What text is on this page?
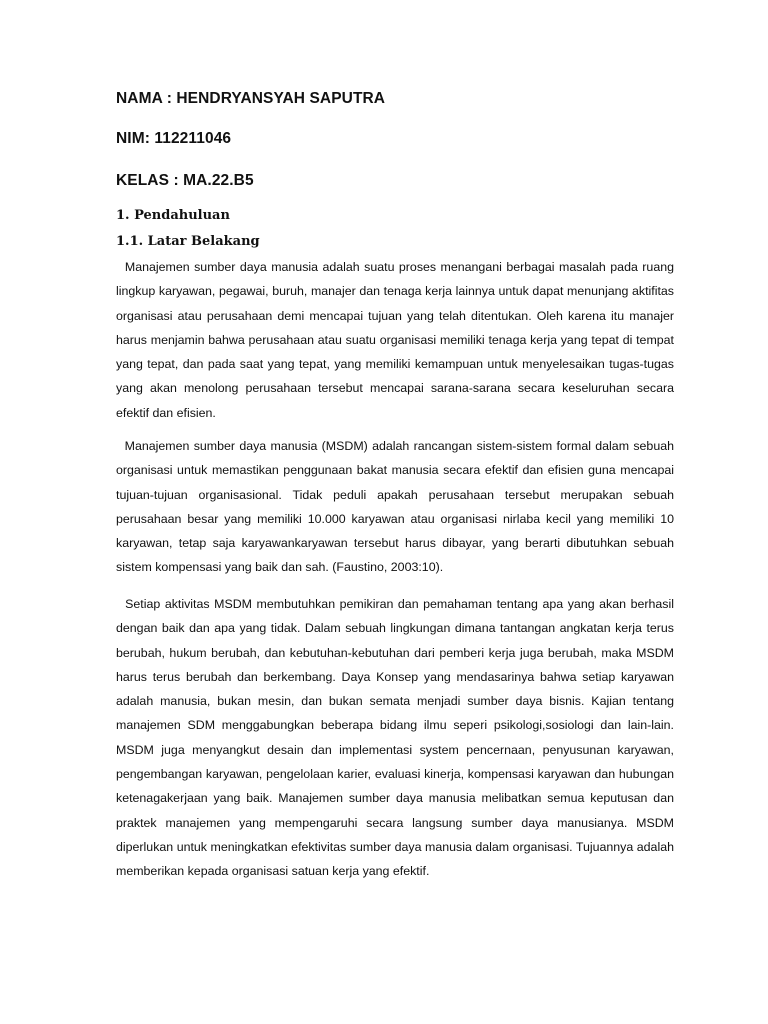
NAMA : HENDRYANSYAH SAPUTRA

NIM: 112211046

KELAS : MA.22.B5

1. Pendahuluan

1.1. Latar Belakang

Manajemen sumber daya manusia adalah suatu proses menangani berbagai masalah pada ruang lingkup karyawan, pegawai, buruh, manajer dan tenaga kerja lainnya untuk dapat menunjang aktifitas organisasi atau perusahaan demi mencapai tujuan yang telah ditentukan. Oleh karena itu manajer harus menjamin bahwa perusahaan atau suatu organisasi memiliki tenaga kerja yang tepat di tempat yang tepat, dan pada saat yang tepat, yang memiliki kemampuan untuk menyelesaikan tugas-tugas yang akan menolong perusahaan tersebut mencapai sarana-sarana secara keseluruhan secara efektif dan efisien.

Manajemen sumber daya manusia (MSDM) adalah rancangan sistem-sistem formal dalam sebuah organisasi untuk memastikan penggunaan bakat manusia secara efektif dan efisien guna mencapai tujuan-tujuan organisasional. Tidak peduli apakah perusahaan tersebut merupakan sebuah perusahaan besar yang memiliki 10.000 karyawan atau organisasi nirlaba kecil yang memiliki 10 karyawan, tetap saja karyawankaryawan tersebut harus dibayar, yang berarti dibutuhkan sebuah sistem kompensasi yang baik dan sah. (Faustino, 2003:10).

Setiap aktivitas MSDM membutuhkan pemikiran dan pemahaman tentang apa yang akan berhasil dengan baik dan apa yang tidak. Dalam sebuah lingkungan dimana tantangan angkatan kerja terus berubah, hukum berubah, dan kebutuhan-kebutuhan dari pemberi kerja juga berubah, maka MSDM harus terus berubah dan berkembang. Daya Konsep yang mendasarinya bahwa setiap karyawan adalah manusia, bukan mesin, dan bukan semata menjadi sumber daya bisnis. Kajian tentang manajemen SDM menggabungkan beberapa bidang ilmu seperi psikologi,sosiologi dan lain-lain. MSDM juga menyangkut desain dan implementasi system pencernaan, penyusunan karyawan, pengembangan karyawan, pengelolaan karier, evaluasi kinerja, kompensasi karyawan dan hubungan ketenagakerjaan yang baik. Manajemen sumber daya manusia melibatkan semua keputusan dan praktek manajemen yang mempengaruhi secara langsung sumber daya manusianya. MSDM diperlukan untuk meningkatkan efektivitas sumber daya manusia dalam organisasi. Tujuannya adalah memberikan kepada organisasi satuan kerja yang efektif.
